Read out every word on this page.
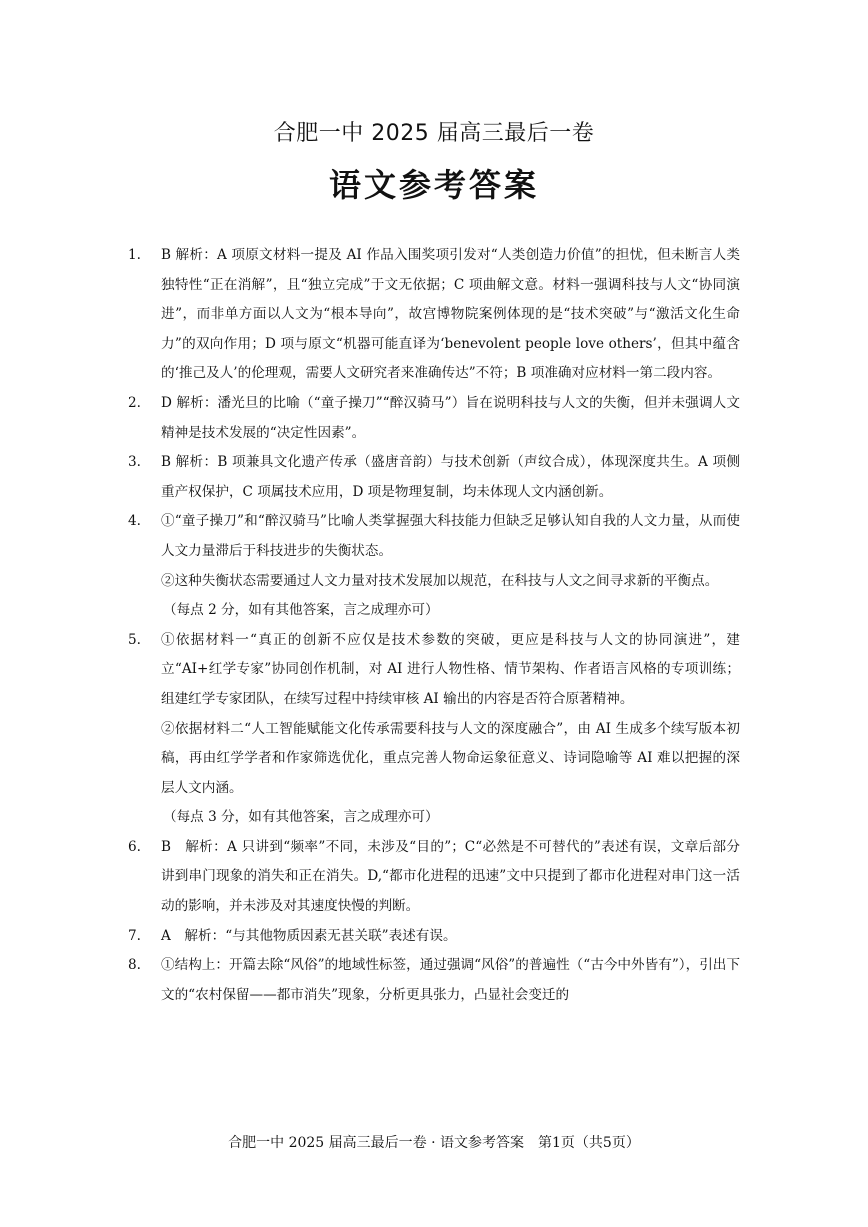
合肥一中 2025 届高三最后一卷
语文参考答案
1.	B 解析：A 项原文材料一提及 AI 作品入围奖项引发对“人类创造力价值”的担忧，但未断言人类独特性“正在消解”，且“独立完成”于文无依据；C 项曲解文意。材料一强调科技与人文“协同演进”，而非单方面以人文为“根本导向”，故宫博物院案例体现的是“技术突破”与“激活文化生命力”的双向作用；D 项与原文“机器可能直译为‘benevolent people love others’，但其中蕴含的‘推己及人’的伦理观，需要人文研究者来准确传达”不符；B 项准确对应材料一第二段内容。

2.	D 解析：潘光旦的比喻（“童子操刀”“醉汉骑马”）旨在说明科技与人文的失衡，但并未强调人文精神是技术发展的“决定性因素”。

3.	B 解析：B 项兼具文化遗产传承（盛唐音韵）与技术创新（声纹合成），体现深度共生。A 项侧重产权保护，C 项属技术应用，D 项是物理复制，均未体现人文内涵创新。

4.	①“童子操刀”和“醉汉骑马”比喻人类掌握强大科技能力但缺乏足够认知自我的人文力量，从而使人文力量滞后于科技进步的失衡状态。

②这种失衡状态需要通过人文力量对技术发展加以规范，在科技与人文之间寻求新的平衡点。

（每点 2 分，如有其他答案，言之成理亦可）

5.	①依据材料一“真正的创新不应仅是技术参数的突破，更应是科技与人文的协同演进”，建立“AI+红学专家”协同创作机制，对 AI 进行人物性格、情节架构、作者语言风格的专项训练；组建红学专家团队，在续写过程中持续审核 AI 输出的内容是否符合原著精神。

②依据材料二“人工智能赋能文化传承需要科技与人文的深度融合”，由 AI 生成多个续写版本初稿，再由红学学者和作家筛选优化，重点完善人物命运象征意义、诗词隐喻等 AI 难以把握的深层人文内涵。

（每点 3 分，如有其他答案，言之成理亦可）

6.	B　解析：A 只讲到“频率”不同，未涉及“目的”；C“必然是不可替代的”表述有误，文章后部分讲到串门现象的消失和正在消失。D,“都市化进程的迅速”文中只提到了都市化进程对串门这一活动的影响，并未涉及对其速度快慢的判断。

7.	A　解析：“与其他物质因素无甚关联”表述有误。

8.	①结构上：开篇去除“风俗”的地域性标签，通过强调“风俗”的普遍性（“古今中外皆有”），引出下文的“农村保留——都市消失”现象，分析更具张力，凸显社会变迁的

合肥一中 2025 届高三最后一卷 · 语文参考答案　第1页（共5页）
